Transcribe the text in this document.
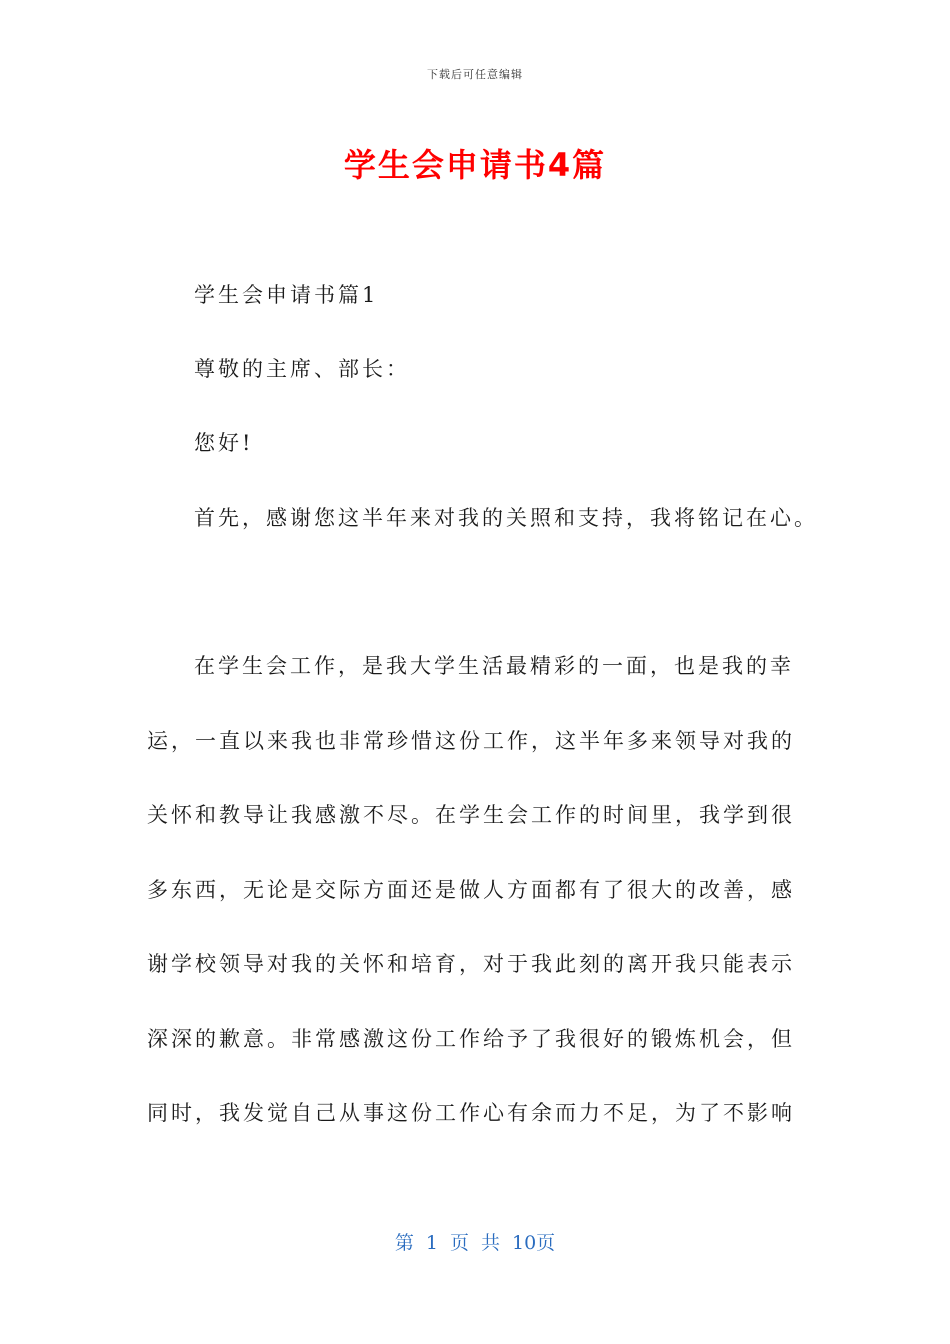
下载后可任意编辑
学生会申请书4篇
学生会申请书篇1
尊敬的主席、部长：
您好!
首先，感谢您这半年来对我的关照和支持，我将铭记在心。
在学生会工作，是我大学生活最精彩的一面，也是我的幸
运，一直以来我也非常珍惜这份工作，这半年多来领导对我的
关怀和教导让我感激不尽。在学生会工作的时间里，我学到很
多东西，无论是交际方面还是做人方面都有了很大的改善，感
谢学校领导对我的关怀和培育，对于我此刻的离开我只能表示
深深的歉意。非常感激这份工作给予了我很好的锻炼机会，但
同时，我发觉自己从事这份工作心有余而力不足，为了不影响
第 1 页 共 10页
